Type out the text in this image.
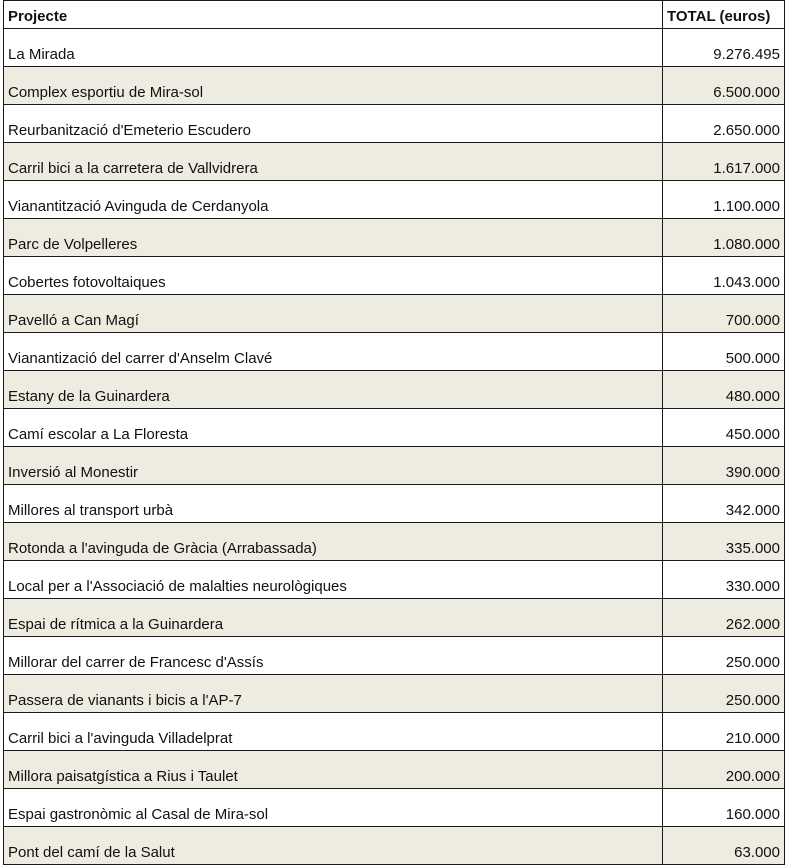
Projecte	TOTAL (euros)
La Mirada	9.276.495
Complex esportiu de Mira-sol	6.500.000
Reurbanització d'Emeterio Escudero	2.650.000
Carril bici a la carretera de Vallvidrera	1.617.000
Vianantització Avinguda de Cerdanyola	1.100.000
Parc de Volpelleres	1.080.000
Cobertes fotovoltaiques	1.043.000
Pavelló a Can Magí	700.000
Vianantizació del carrer d'Anselm Clavé	500.000
Estany de la Guinardera	480.000
Camí escolar a La Floresta	450.000
Inversió al Monestir	390.000
Millores al transport urbà	342.000
Rotonda a l'avinguda de Gràcia (Arrabassada)	335.000
Local per a l'Associació de malalties neurològiques	330.000
Espai de rítmica a la Guinardera	262.000
Millorar del carrer de Francesc d'Assís	250.000
Passera de vianants i bicis a l'AP-7	250.000
Carril bici a l'avinguda Villadelprat	210.000
Millora paisatgística a Rius i Taulet	200.000
Espai gastronòmic al Casal de Mira-sol	160.000
Pont del camí de la Salut	63.000
